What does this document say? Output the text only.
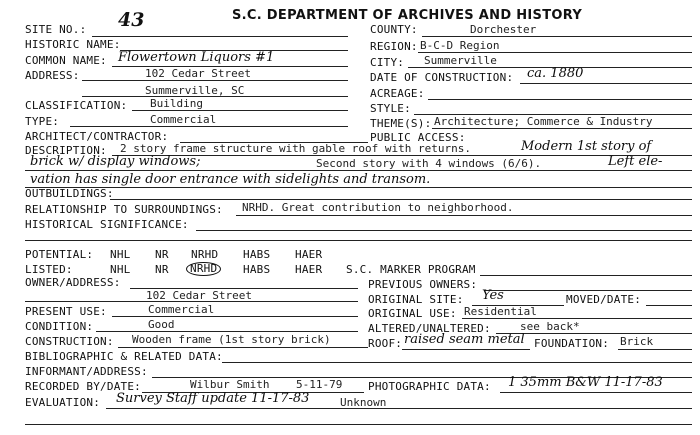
S.C. DEPARTMENT OF ARCHIVES AND HISTORY
SITE NO.: 43
HISTORIC NAME:
COMMON NAME: Flowertown Liquors #1
ADDRESS:	102 Cedar Street
Summerville, SC
CLASSIFICATION: Building
TYPE:	Commercial
ARCHITECT/CONTRACTOR:
COUNTY:	Dorchester
REGION: B-C-D Region
CITY: Summerville
DATE OF CONSTRUCTION: ca. 1880
ACREAGE:
STYLE:
THEME(S): Architecture; Commerce & Industry
PUBLIC ACCESS:
DESCRIPTION: 2 story frame structure with gable roof with returns.	Modern 1st story of
brick w/ display windows;	Second story with 4 windows (6/6).	Left ele-
vation has single door entrance with sidelights and transom.
OUTBUILDINGS:
RELATIONSHIP TO SURROUNDINGS: NRHD. Great contribution to neighborhood.
HISTORICAL SIGNIFICANCE:
POTENTIAL: NHL NR NRHD HABS HAER
LISTED:	NHL NR	NRHD	HABS HAER S.C. MARKER PROGRAM
OWNER/ADDRESS:
102 Cedar Street
PREVIOUS OWNERS:
ORIGINAL SITE: Yes	MOVED/DATE:
ORIGINAL USE: Residential
ALTERED/UNALTERED:	see back*
ROOF: raised seam metal FOUNDATION: Brick
PRESENT USE:	Commercial
CONDITION:	Good
CONSTRUCTION: Wooden frame (1st story brick)
BIBLIOGRAPHIC & RELATED DATA:
INFORMANT/ADDRESS:
RECORDED BY/DATE:	Wilbur Smith 5-11-79 PHOTOGRAPHIC DATA: 1 35mm B&W 11-17-83
EVALUATION: Survey Staff update 11-17-83	Unknown
